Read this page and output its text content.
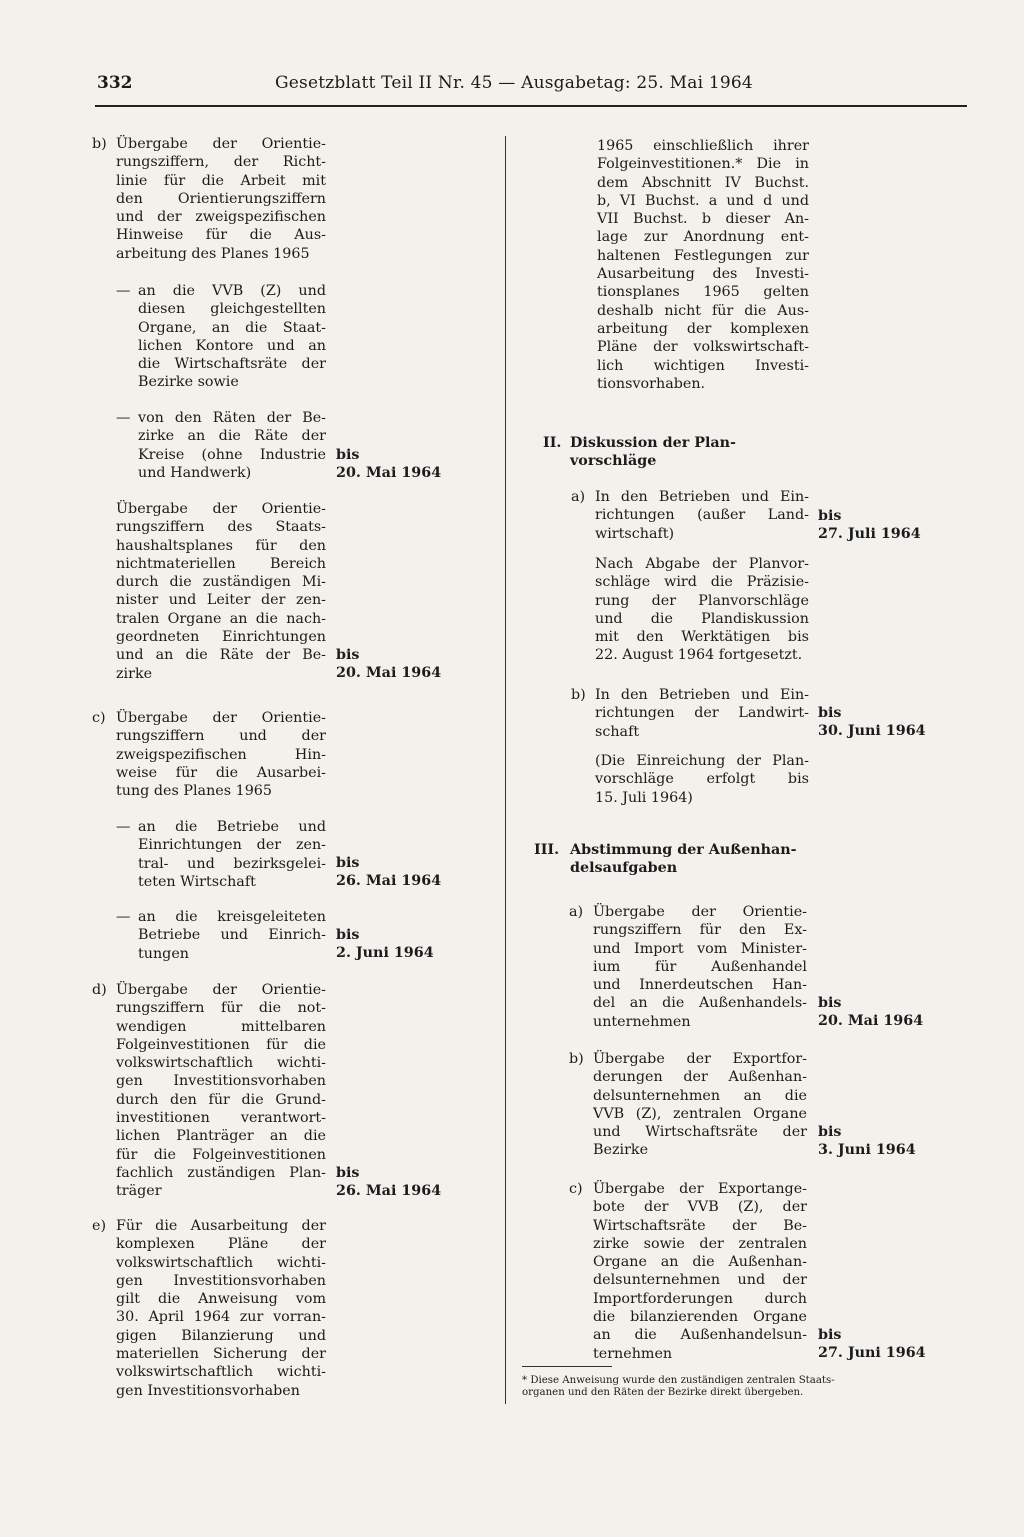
332	Gesetzblatt Teil II Nr. 45 — Ausgabetag: 25. Mai 1964
b) Übergabe der Orientie-
rungsziffern, der Richt-
linie für die Arbeit mit
den Orientierungsziffern
und der zweigspezifischen
Hinweise für die Aus-
arbeitung des Planes 1965
— an die VVB (Z) und
diesen gleichgestellten
Organe, an die Staat-
lichen Kontore und an
die Wirtschaftsräte der
Bezirke sowie
— von den Räten der Be-
zirke an die Räte der
Kreise (ohne Industrie
und Handwerk)
bis
20. Mai 1964
Übergabe der Orientie-
rungsziffern des Staats-
haushaltsplanes für den
nichtmateriellen Bereich
durch die zuständigen Mi-
nister und Leiter der zen-
tralen Organe an die nach-
geordneten Einrichtungen
und an die Räte der Be-
zirke
bis
20. Mai 1964
c) Übergabe der Orientie-
rungsziffern und der
zweigspezifischen Hin-
weise für die Ausarbei-
tung des Planes 1965
— an die Betriebe und
Einrichtungen der zen-
tral- und bezirksgelei-
teten Wirtschaft
bis
26. Mai 1964
— an die kreisgeleiteten
Betriebe und Einrich-
tungen
bis
2. Juni 1964
d) Übergabe der Orientie-
rungsziffern für die not-
wendigen mittelbaren
Folgeinvestitionen für die
volkswirtschaftlich wichti-
gen Investitionsvorhaben
durch den für die Grund-
investitionen verantwort-
lichen Planträger an die
für die Folgeinvestitionen
fachlich zuständigen Plan-
träger
bis
26. Mai 1964
e) Für die Ausarbeitung der
komplexen Pläne der
volkswirtschaftlich wichti-
gen Investitionsvorhaben
gilt die Anweisung vom
30. April 1964 zur vorran-
gigen Bilanzierung und
materiellen Sicherung der
volkswirtschaftlich wichti-
gen Investitionsvorhaben
1965 einschließlich ihrer
Folgeinvestitionen.* Die in
dem Abschnitt IV Buchst.
b, VI Buchst. a und d und
VII Buchst. b dieser An-
lage zur Anordnung ent-
haltenen Festlegungen zur
Ausarbeitung des Investi-
tionsplanes 1965 gelten
deshalb nicht für die Aus-
arbeitung der komplexen
Pläne der volkswirtschaft-
lich wichtigen Investi-
tionsvorhaben.
II. Diskussion der Plan-
vorschläge
a) In den Betrieben und Ein-
richtungen (außer Land-
wirtschaft)
bis
27. Juli 1964
Nach Abgabe der Planvor-
schläge wird die Präzisie-
rung der Planvorschläge
und die Plandiskussion
mit den Werktätigen bis
22. August 1964 fortgesetzt.
b) In den Betrieben und Ein-
richtungen der Landwirt-
schaft
bis
30. Juni 1964
(Die Einreichung der Plan-
vorschläge erfolgt bis
15. Juli 1964)
III. Abstimmung der Außenhan-
delsaufgaben
a) Übergabe der Orientie-
rungsziffern für den Ex-
und Import vom Minister-
ium für Außenhandel
und Innerdeutschen Han-
del an die Außenhandels-
unternehmen
bis
20. Mai 1964
b) Übergabe der Exportfor-
derungen der Außenhan-
delsunternehmen an die
VVB (Z), zentralen Organe
und Wirtschaftsräte der
Bezirke
bis
3. Juni 1964
c) Übergabe der Exportange-
bote der VVB (Z), der
Wirtschaftsräte der Be-
zirke sowie der zentralen
Organe an die Außenhan-
delsunternehmen und der
Importforderungen durch
die bilanzierenden Organe
an die Außenhandelsun-
ternehmen
bis
27. Juni 1964
* Diese Anweisung wurde den zuständigen zentralen Staats-
organen und den Räten der Bezirke direkt übergeben.
